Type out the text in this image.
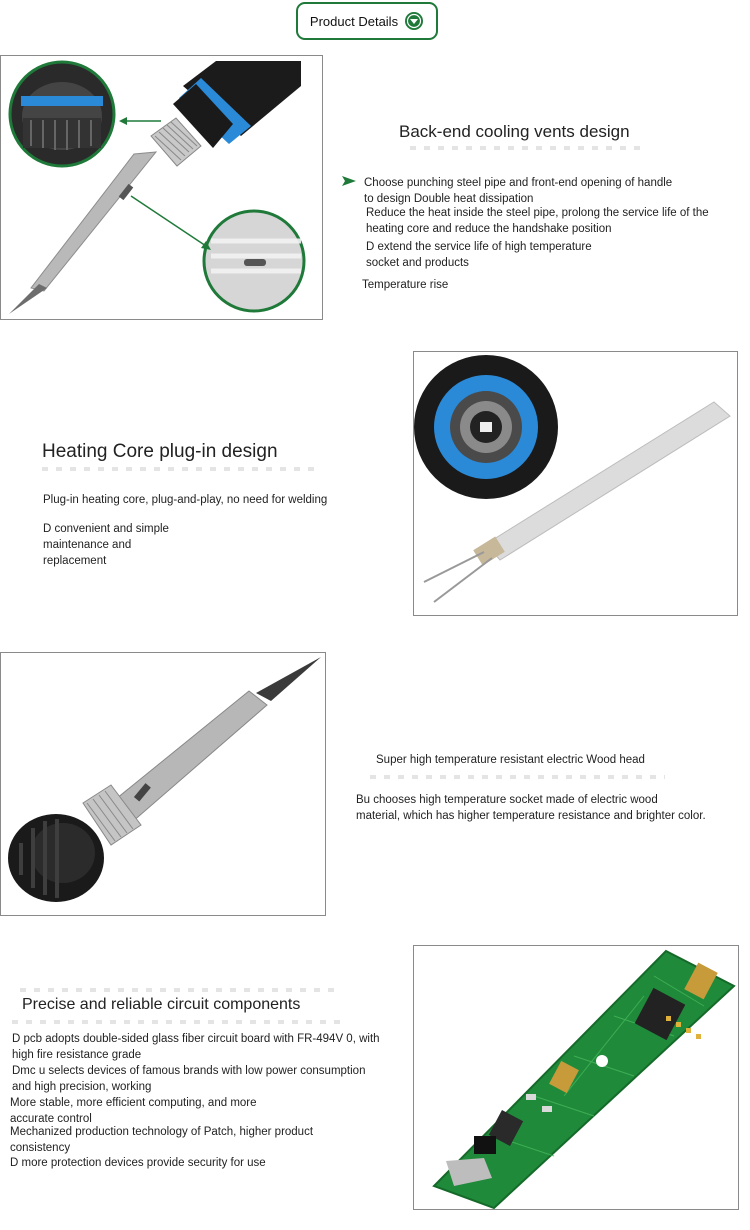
Product Details
Back-end cooling vents design
Choose punching steel pipe and front-end opening of handle
to design Double heat dissipation
Reduce the heat inside the steel pipe, prolong the service life of the
heating core and reduce the handshake position
D extend the service life of high temperature
socket and products
Temperature rise
Heating Core plug-in design
Plug-in heating core, plug-and-play, no need for welding
D convenient and simple
maintenance and
replacement
Super high temperature resistant electric Wood head
Bu chooses high temperature socket made of electric wood
material, which has higher temperature resistance and brighter color.
Precise and reliable circuit components
D pcb adopts double-sided glass fiber circuit board with FR-494V 0, with
high fire resistance grade
Dmc u selects devices of famous brands with low power consumption
and high precision, working
More stable, more efficient computing, and more
accurate control
Mechanized production technology of Patch, higher product
consistency
D more protection devices provide security for use
